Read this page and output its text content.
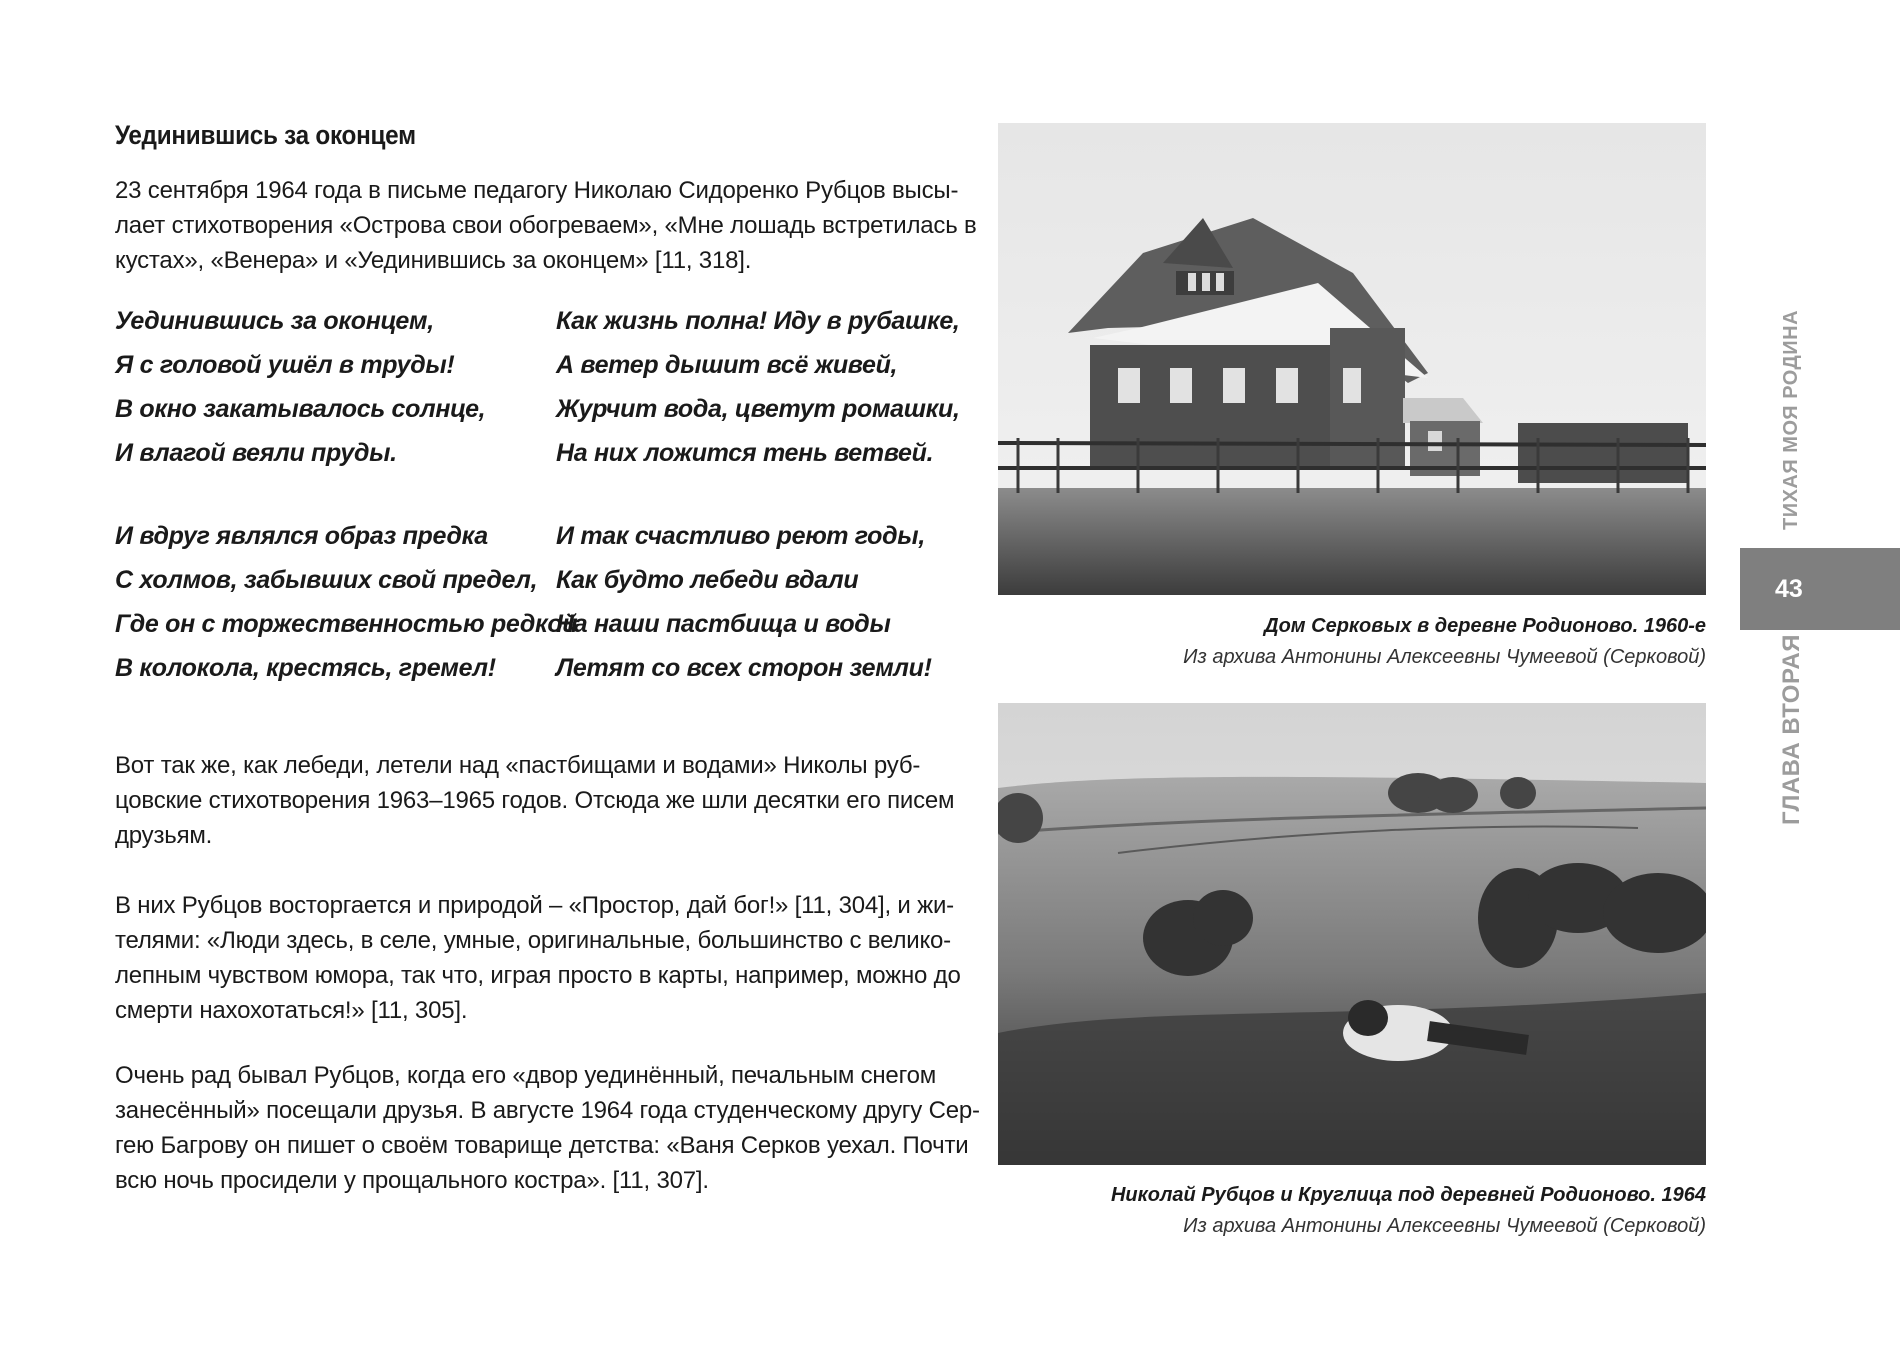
Уединившись за оконцем

23 сентября 1964 года в письме педагогу Николаю Сидоренко Рубцов высы-
лает стихотворения «Острова свои обогреваем», «Мне лошадь встретилась в
кустах», «Венера» и «Уединившись за оконцем» [11, 318].

Уединившись за оконцем,
Я с головой ушёл в труды!
В окно закатывалось солнце,
И влагой веяли пруды.
Как жизнь полна! Иду в рубашке,
А ветер дышит всё живей,
Журчит вода, цветут ромашки,
На них ложится тень ветвей.
И вдруг являлся образ предка
С холмов, забывших свой предел,
Где он с торжественностью редкой
В колокола, крестясь, гремел!
И так счастливо реют годы,
Как будто лебеди вдали
На наши пастбища и воды
Летят со всех сторон земли!

Вот так же, как лебеди, летели над «пастбищами и водами» Николы руб-
цовские стихотворения 1963–1965 годов. Отсюда же шли десятки его писем
друзьям.

В них Рубцов восторгается и природой – «Простор, дай бог!» [11, 304], и жи-
телями: «Люди здесь, в селе, умные, оригинальные, большинство с велико-
лепным чувством юмора, так что, играя просто в карты, например, можно до
смерти нахохотаться!» [11, 305].

Очень рад бывал Рубцов, когда его «двор уединённый, печальным снегом
занесённый» посещали друзья. В августе 1964 года студенческому другу Сер-
гею Багрову он пишет о своём товарище детства: «Ваня Серков уехал. Почти
всю ночь просидели у прощального костра». [11, 307].

Дом Серковых в деревне Родионово. 1960-е
Из архива Антонины Алексеевны Чумеевой (Серковой)
Николай Рубцов и Круглица под деревней Родионово. 1964
Из архива Антонины Алексеевны Чумеевой (Серковой)
ТИХАЯ МОЯ РОДИНА
43
ГЛАВА ВТОРАЯ
